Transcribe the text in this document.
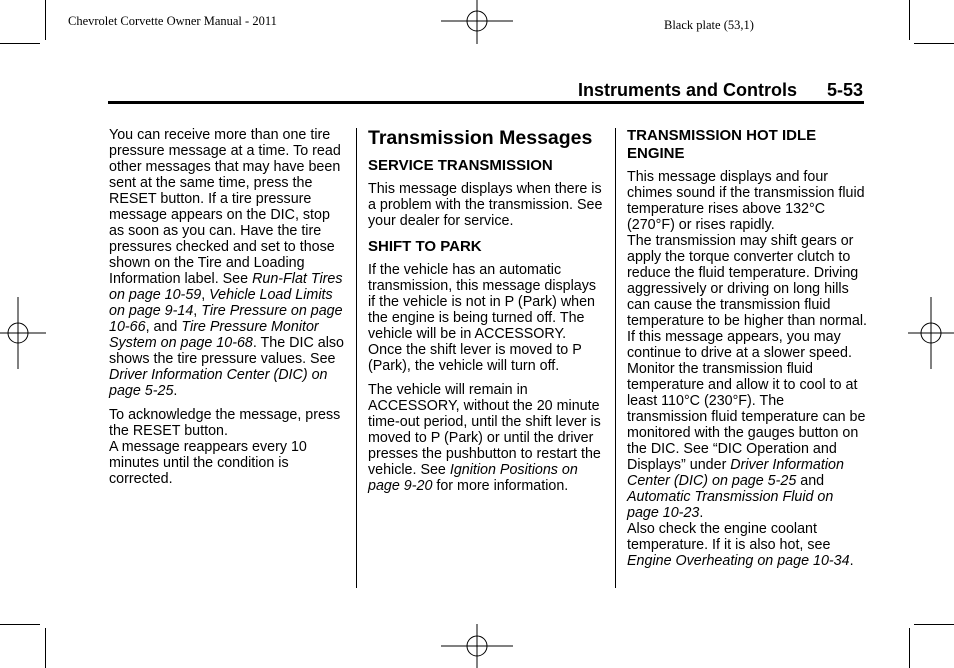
Chevrolet Corvette Owner Manual - 2011	Black plate (53,1)
Instruments and Controls 5-53

You can receive more than one tire pressure message at a time. To read other messages that may have been sent at the same time, press the RESET button. If a tire pressure message appears on the DIC, stop as soon as you can. Have the tire pressures checked and set to those shown on the Tire and Loading Information label. See Run-Flat Tires on page 10-59, Vehicle Load Limits on page 9-14, Tire Pressure on page 10-66, and Tire Pressure Monitor System on page 10-68. The DIC also shows the tire pressure values. See Driver Information Center (DIC) on page 5-25.

To acknowledge the message, press the RESET button.

A message reappears every 10 minutes until the condition is corrected.

Transmission Messages
SERVICE TRANSMISSION

This message displays when there is a problem with the transmission. See your dealer for service.

SHIFT TO PARK

If the vehicle has an automatic transmission, this message displays if the vehicle is not in P (Park) when the engine is being turned off. The vehicle will be in ACCESSORY.

Once the shift lever is moved to P (Park), the vehicle will turn off.

The vehicle will remain in ACCESSORY, without the 20 minute time-out period, until the shift lever is moved to P (Park) or until the driver presses the pushbutton to restart the vehicle. See Ignition Positions on page 9-20 for more information.

TRANSMISSION HOT IDLE ENGINE

This message displays and four chimes sound if the transmission fluid temperature rises above 132°C (270°F) or rises rapidly.

The transmission may shift gears or apply the torque converter clutch to reduce the fluid temperature. Driving aggressively or driving on long hills can cause the transmission fluid temperature to be higher than normal. If this message appears, you may continue to drive at a slower speed. Monitor the transmission fluid temperature and allow it to cool to at least 110°C (230°F). The transmission fluid temperature can be monitored with the gauges button on the DIC. See “DIC Operation and Displays” under Driver Information Center (DIC) on page 5-25 and Automatic Transmission Fluid on page 10-23.

Also check the engine coolant temperature. If it is also hot, see Engine Overheating on page 10-34.
